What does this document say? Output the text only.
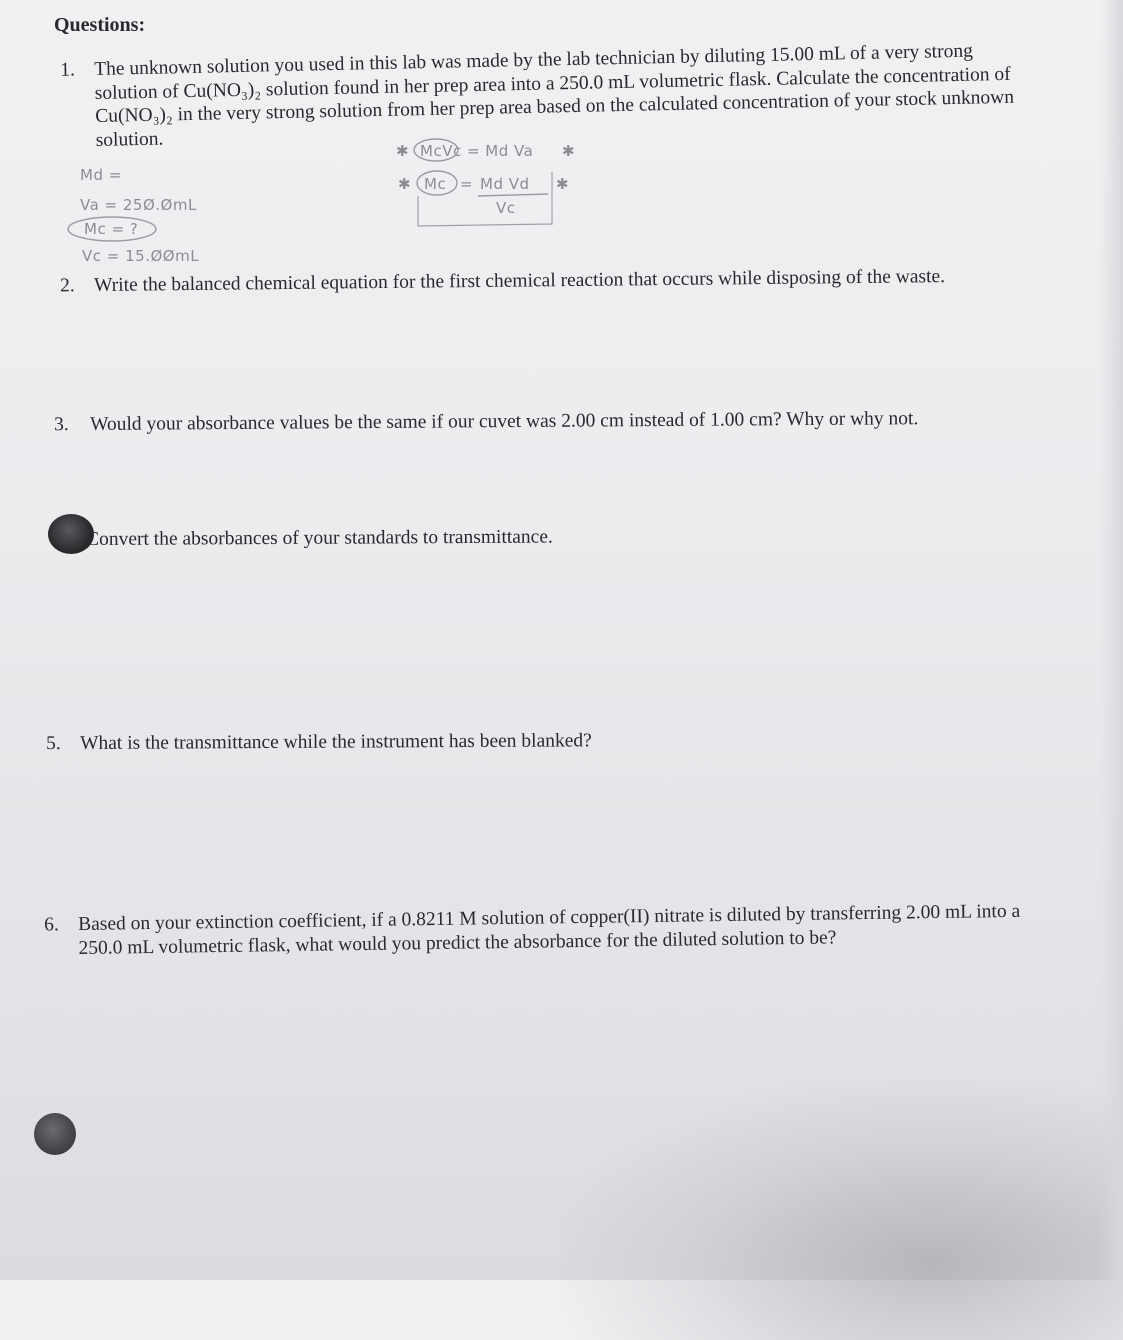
Questions:
1. The unknown solution you used in this lab was made by the lab technician by diluting 15.00 mL of a very strong solution of Cu(NO₃)₂ solution found in her prep area into a 250.0 mL volumetric flask. Calculate the concentration of Cu(NO₃)₂ in the very strong solution from her prep area based on the calculated concentration of your stock unknown solution.

Md =
Va = 25Ø.ØmL
Mc = ?
Vc = 15.ØØmL
✱ McVc = Md Va ✱
✱ Mc = Md Vd
Vc
✱
2. Write the balanced chemical equation for the first chemical reaction that occurs while disposing of the waste.

3. Would your absorbance values be the same if our cuvet was 2.00 cm instead of 1.00 cm? Why or why not.

4. Convert the absorbances of your standards to transmittance.

5. What is the transmittance while the instrument has been blanked?

6. Based on your extinction coefficient, if a 0.8211 M solution of copper(II) nitrate is diluted by transferring 2.00 mL into a 250.0 mL volumetric flask, what would you predict the absorbance for the diluted solution to be?
